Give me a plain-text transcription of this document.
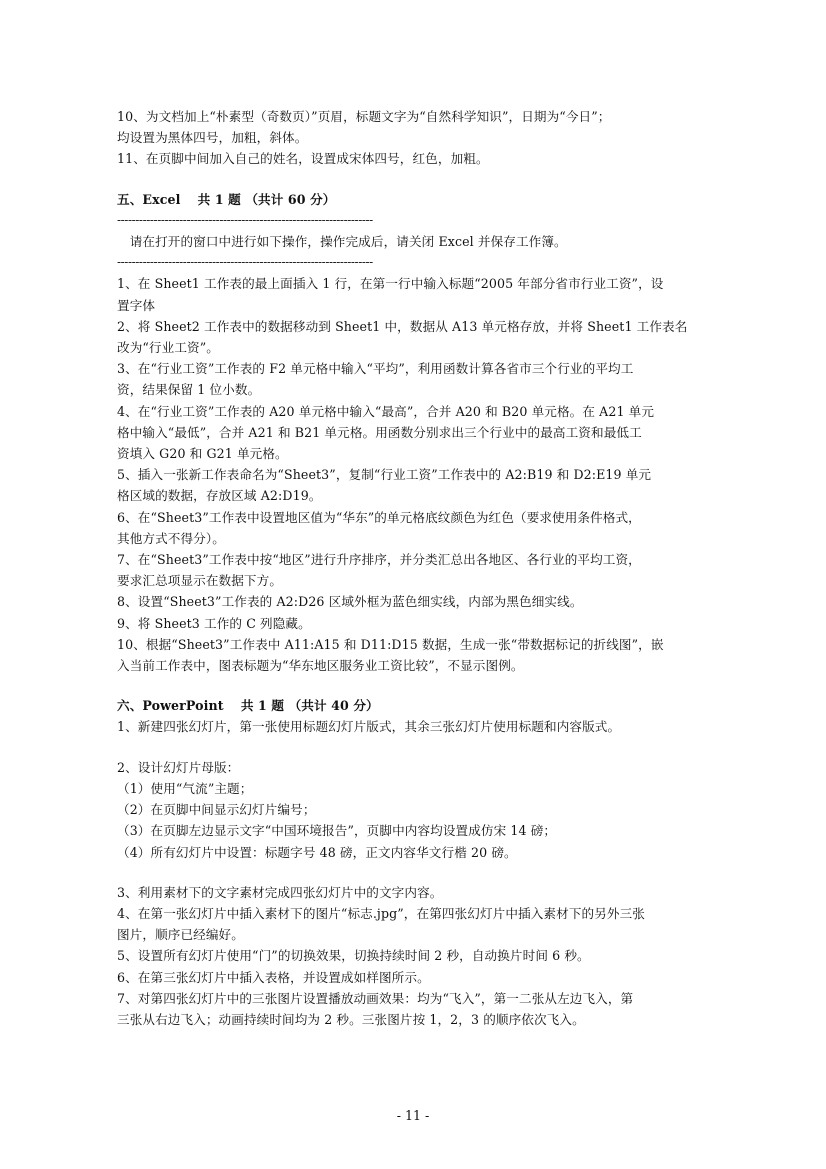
10、为文档加上“朴素型（奇数页）”页眉，标题文字为“自然科学知识”，日期为“今日”；
均设置为黑体四号，加粗，斜体。
11、在页脚中间加入自己的姓名，设置成宋体四号，红色，加粗。
五、Excel　 共 1 题 （共计 60 分）
----------------------------------------------------------------------
　请在打开的窗口中进行如下操作，操作完成后，请关闭 Excel 并保存工作簿。
----------------------------------------------------------------------
1、在 Sheet1 工作表的最上面插入 1 行，在第一行中输入标题“2005 年部分省市行业工资”，设
置字体
2、将 Sheet2 工作表中的数据移动到 Sheet1 中，数据从 A13 单元格存放，并将 Sheet1 工作表名
改为“行业工资”。
3、在“行业工资”工作表的 F2 单元格中输入“平均”，利用函数计算各省市三个行业的平均工
资，结果保留 1 位小数。
4、在“行业工资”工作表的 A20 单元格中输入“最高”，合并 A20 和 B20 单元格。在 A21 单元
格中输入“最低”，合并 A21 和 B21 单元格。用函数分别求出三个行业中的最高工资和最低工
资填入 G20 和 G21 单元格。
5、插入一张新工作表命名为“Sheet3”，复制“行业工资”工作表中的 A2:B19 和 D2:E19 单元
格区域的数据，存放区域 A2:D19。
6、在“Sheet3”工作表中设置地区值为“华东”的单元格底纹颜色为红色（要求使用条件格式，
其他方式不得分）。
7、在“Sheet3”工作表中按“地区”进行升序排序，并分类汇总出各地区、各行业的平均工资，
要求汇总项显示在数据下方。
8、设置“Sheet3”工作表的 A2:D26 区域外框为蓝色细实线，内部为黑色细实线。
9、将 Sheet3 工作的 C 列隐藏。
10、根据“Sheet3”工作表中 A11:A15 和 D11:D15 数据，生成一张“带数据标记的折线图”，嵌
入当前工作表中，图表标题为“华东地区服务业工资比较”，不显示图例。
六、PowerPoint　 共 1 题 （共计 40 分）
1、新建四张幻灯片，第一张使用标题幻灯片版式，其余三张幻灯片使用标题和内容版式。
2、设计幻灯片母版：
（1）使用“气流”主题；
（2）在页脚中间显示幻灯片编号；
（3）在页脚左边显示文字“中国环境报告”，页脚中内容均设置成仿宋 14 磅；
（4）所有幻灯片中设置：标题字号 48 磅，正文内容华文行楷 20 磅。
3、利用素材下的文字素材完成四张幻灯片中的文字内容。
4、在第一张幻灯片中插入素材下的图片“标志.jpg”，在第四张幻灯片中插入素材下的另外三张
图片，顺序已经编好。
5、设置所有幻灯片使用“门”的切换效果，切换持续时间 2 秒，自动换片时间 6 秒。
6、在第三张幻灯片中插入表格，并设置成如样图所示。
7、对第四张幻灯片中的三张图片设置播放动画效果：均为“飞入”，第一二张从左边飞入，第
三张从右边飞入；动画持续时间均为 2 秒。三张图片按 1，2，3 的顺序依次飞入。
- 11 -
